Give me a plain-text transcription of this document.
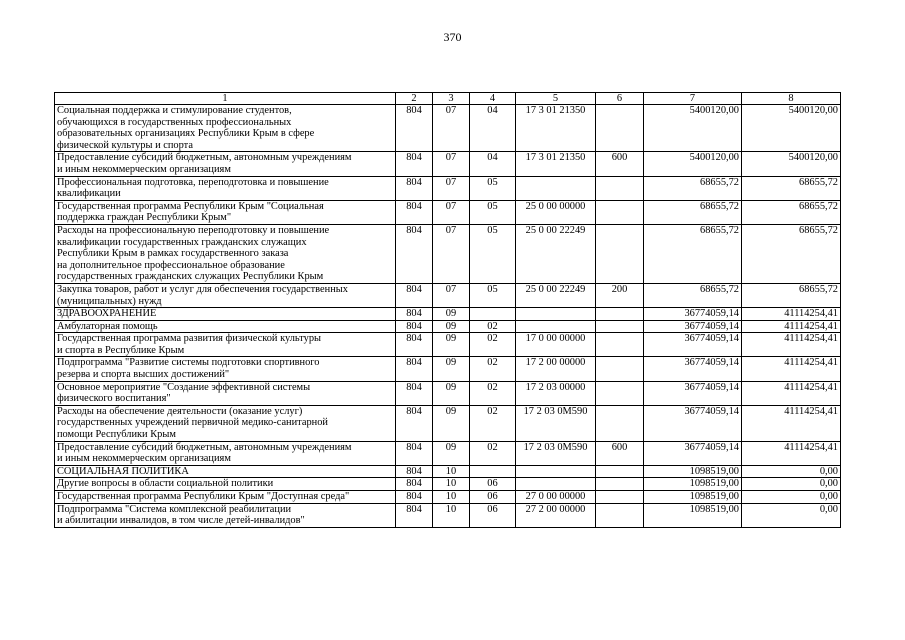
370
1	2	3	4	5	6	7	8
Социальная поддержка и стимулирование студентов,
обучающихся в государственных профессиональных
образовательных организациях Республики Крым в сфере
физической культуры и спорта	804	07	04	17 3 01 21350		5400120,00	5400120,00
Предоставление субсидий бюджетным, автономным учреждениям
и иным некоммерческим организациям	804	07	04	17 3 01 21350	600	5400120,00	5400120,00
Профессиональная подготовка, переподготовка и повышение
квалификации	804	07	05			68655,72	68655,72
Государственная программа Республики Крым "Социальная
поддержка граждан Республики Крым"	804	07	05	25 0 00 00000		68655,72	68655,72
Расходы на профессиональную переподготовку и повышение
квалификации государственных гражданских служащих
Республики Крым в рамках государственного заказа
на дополнительное профессиональное образование
государственных гражданских служащих Республики Крым	804	07	05	25 0 00 22249		68655,72	68655,72
Закупка товаров, работ и услуг для обеспечения государственных
(муниципальных) нужд	804	07	05	25 0 00 22249	200	68655,72	68655,72
ЗДРАВООХРАНЕНИЕ	804	09				36774059,14	41114254,41
Амбулаторная помощь	804	09	02			36774059,14	41114254,41
Государственная программа развития физической культуры
и спорта в Республике Крым	804	09	02	17 0 00 00000		36774059,14	41114254,41
Подпрограмма "Развитие системы подготовки спортивного
резерва и спорта высших достижений"	804	09	02	17 2 00 00000		36774059,14	41114254,41
Основное мероприятие "Создание эффективной системы
физического воспитания"	804	09	02	17 2 03 00000		36774059,14	41114254,41
Расходы на обеспечение деятельности (оказание услуг)
государственных учреждений первичной медико-санитарной
помощи Республики Крым	804	09	02	17 2 03 0М590		36774059,14	41114254,41
Предоставление субсидий бюджетным, автономным учреждениям
и иным некоммерческим организациям	804	09	02	17 2 03 0М590	600	36774059,14	41114254,41
СОЦИАЛЬНАЯ ПОЛИТИКА	804	10				1098519,00	0,00
Другие вопросы в области социальной политики	804	10	06			1098519,00	0,00
Государственная программа Республики Крым "Доступная среда"	804	10	06	27 0 00 00000		1098519,00	0,00
Подпрограмма "Система комплексной реабилитации
и абилитации инвалидов, в том числе детей-инвалидов"	804	10	06	27 2 00 00000		1098519,00	0,00
